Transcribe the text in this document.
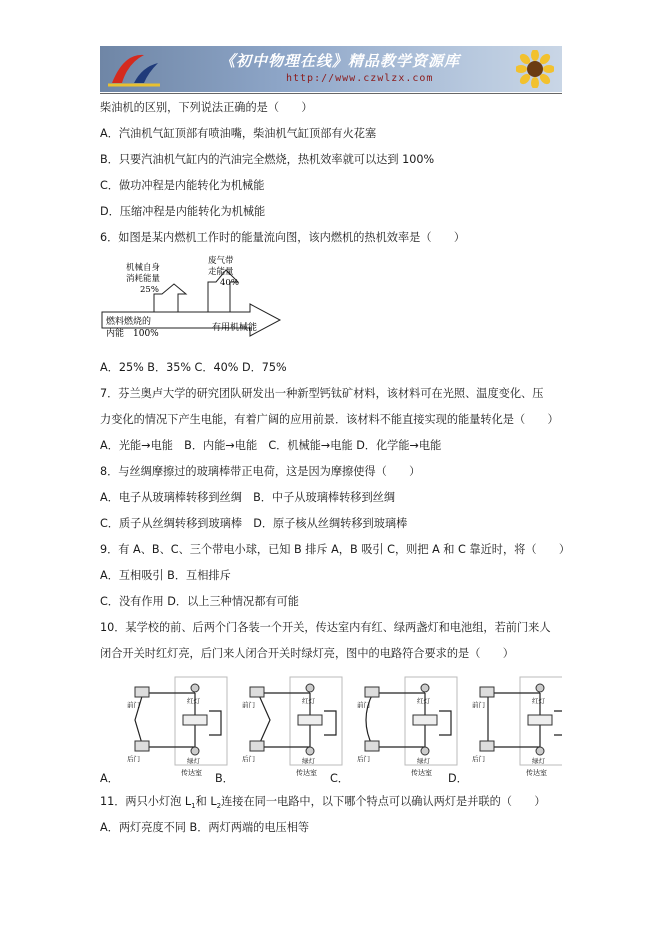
《初中物理在线》精品教学资源库
http://www.czwlzx.com
柴油机的区别，下列说法正确的是（　　）
A．汽油机气缸顶部有喷油嘴，柴油机气缸顶部有火花塞
B．只要汽油机气缸内的汽油完全燃烧，热机效率就可以达到 100%
C．做功冲程是内能转化为机械能
D．压缩冲程是内能转化为机械能
6．如图是某内燃机工作时的能量流向图，该内燃机的热机效率是（　　）
燃料燃烧的
内能　100%
机械自身
消耗能量
25%
废气带
走能量
40%
有用机械能
A．25% B．35% C．40% D．75%
7．芬兰奥卢大学的研究团队研发出一种新型钙钛矿材料，该材料可在光照、温度变化、压
力变化的情况下产生电能，有着广阔的应用前景．该材料不能直接实现的能量转化是（　　）
A．光能→电能　B．内能→电能　C．机械能→电能 D．化学能→电能
8．与丝绸摩擦过的玻璃棒带正电荷，这是因为摩擦使得（　　）
A．电子从玻璃棒转移到丝绸　B．中子从玻璃棒转移到丝绸
C．质子从丝绸转移到玻璃棒　D．原子核从丝绸转移到玻璃棒
9．有 A、B、C、三个带电小球，已知 B 排斥 A，B 吸引 C，则把 A 和 C 靠近时，将（　　）
A．互相吸引 B．互相排斥
C．没有作用 D．以上三种情况都有可能
10．某学校的前、后两个门各装一个开关，传达室内有红、绿两盏灯和电池组，若前门来人
闭合开关时红灯亮，后门来人闭合开关时绿灯亮，图中的电路符合要求的是（　　）
前门
后门
红灯
绿灯
传达室
前门
后门
红灯
绿灯
传达室
前门
后门
红灯
绿灯
传达室
前门
后门
红灯
绿灯
传达室
A．	B．	C．	D．
11．两只小灯泡 $L_1$和 $L_2$连接在同一电路中，以下哪个特点可以确认两灯是并联的（　　）
A．两灯亮度不同 B．两灯两端的电压相等
